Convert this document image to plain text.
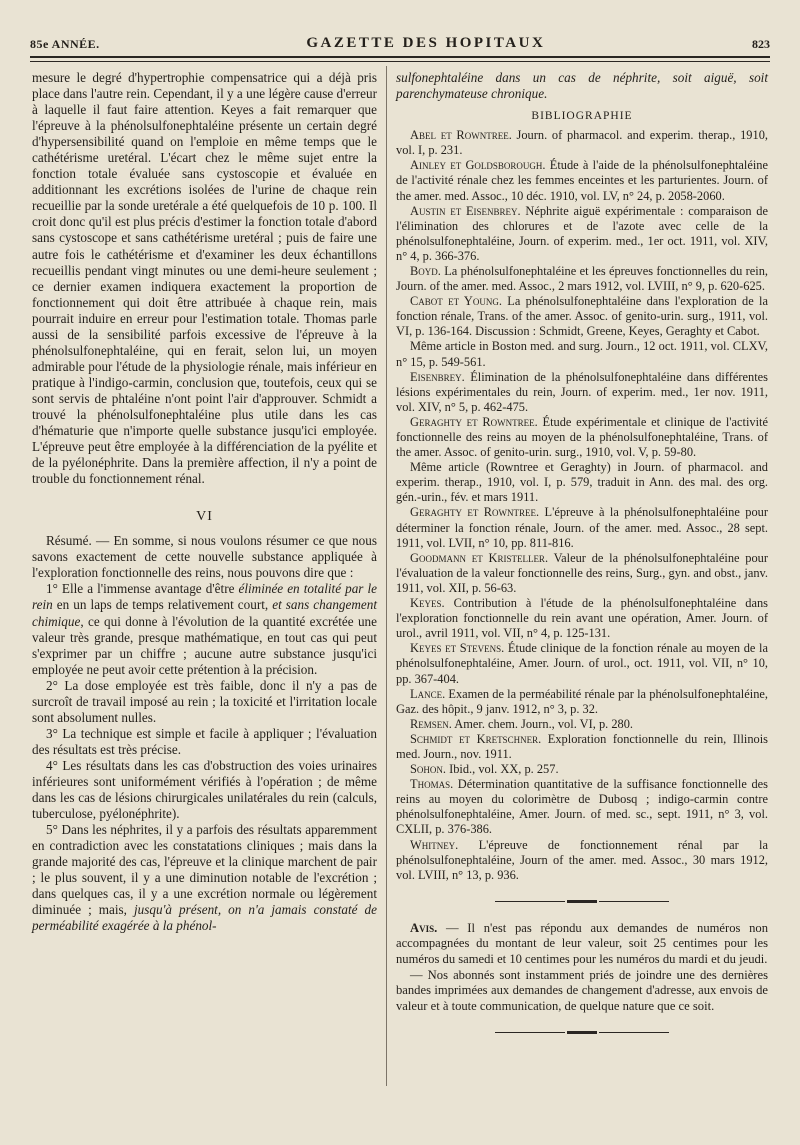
85e ANNÉE.	GAZETTE DES HOPITAUX	823

mesure le degré d'hypertrophie compensatrice qui a déjà pris place dans l'autre rein. Cependant, il y a une légère cause d'erreur à laquelle il faut faire attention. Keyes a fait remarquer que l'épreuve à la phénolsulfonephtaléine présente un certain degré d'hypersensibilité quand on l'emploie en même temps que le cathétérisme uretéral. L'écart chez le même sujet entre la fonction totale évaluée sans cystoscopie et évaluée en additionnant les excrétions isolées de l'urine de chaque rein recueillie par la sonde uretérale a été quelquefois de 10 p. 100. Il croit donc qu'il est plus précis d'estimer la fonction totale d'abord sans cystoscope et sans cathétérisme uretéral ; puis de faire une autre fois le cathétérisme et d'examiner les deux échantillons recueillis pendant vingt minutes ou une demi-heure seulement ; ce dernier examen indiquera exactement la proportion de fonctionnement qui doit être attribuée à chaque rein, mais pourrait induire en erreur pour l'estimation totale. Thomas parle aussi de la sensibilité parfois excessive de l'épreuve à la phénolsulfonephtaléine, qui en ferait, selon lui, un moyen admirable pour l'étude de la physiologie rénale, mais inférieur en pratique à l'indigo-carmin, conclusion que, toutefois, ceux qui se sont servis de phtaléine n'ont point l'air d'approuver. Schmidt a trouvé la phénolsulfonephtaléine plus utile dans les cas d'hématurie que n'importe quelle substance jusqu'ici employée. L'épreuve peut être employée à la différenciation de la pyélite et de la pyélonéphrite. Dans la première affection, il n'y a point de trouble du fonctionnement rénal.

VI

Résumé. — En somme, si nous voulons résumer ce que nous savons exactement de cette nouvelle substance appliquée à l'exploration fonctionnelle des reins, nous pouvons dire que :

1° Elle a l'immense avantage d'être éliminée en totalité par le rein en un laps de temps relativement court, et sans changement chimique, ce qui donne à l'évolution de la quantité excrétée une valeur très grande, presque mathématique, en tout cas qui peut s'exprimer par un chiffre ; aucune autre substance jusqu'ici employée ne peut avoir cette prétention à la précision.

2° La dose employée est très faible, donc il n'y a pas de surcroît de travail imposé au rein ; la toxicité et l'irritation locale sont absolument nulles.

3° La technique est simple et facile à appliquer ; l'évaluation des résultats est très précise.

4° Les résultats dans les cas d'obstruction des voies urinaires inférieures sont uniformément vérifiés à l'opération ; de même dans les cas de lésions chirurgicales unilatérales du rein (calculs, tuberculose, pyélonéphrite).

5° Dans les néphrites, il y a parfois des résultats apparemment en contradiction avec les constatations cliniques ; mais dans la grande majorité des cas, l'épreuve et la clinique marchent de pair ; le plus souvent, il y a une diminution notable de l'excrétion ; dans quelques cas, il y a une excrétion normale ou légèrement diminuée ; mais, jusqu'à présent, on n'a jamais constaté de perméabilité exagérée à la phénol-

sulfonephtaléine dans un cas de néphrite, soit aiguë, soit parenchymateuse chronique.

BIBLIOGRAPHIE

Abel et Rowntree. Journ. of pharmacol. and experim. therap., 1910, vol. I, p. 231.

Ainley et Goldsborough. Étude à l'aide de la phénolsulfonephtaléine de l'activité rénale chez les femmes enceintes et les parturientes. Journ. of the amer. med. Assoc., 10 déc. 1910, vol. LV, n° 24, p. 2058-2060.

Austin et Eisenbrey. Néphrite aiguë expérimentale : comparaison de l'élimination des chlorures et de l'azote avec celle de la phénolsulfonephtaléine, Journ. of experim. med., 1er oct. 1911, vol. XIV, n° 4, p. 366-376.

Boyd. La phénolsulfonephtaléine et les épreuves fonctionnelles du rein, Journ. of the amer. med. Assoc., 2 mars 1912, vol. LVIII, n° 9, p. 620-625.

Cabot et Young. La phénolsulfonephtaléine dans l'exploration de la fonction rénale, Trans. of the amer. Assoc. of genito-urin. surg., 1911, vol. VI, p. 136-164. Discussion : Schmidt, Greene, Keyes, Geraghty et Cabot.

Même article in Boston med. and surg. Journ., 12 oct. 1911, vol. CLXV, n° 15, p. 549-561.

Eisenbrey. Élimination de la phénolsulfonephtaléine dans différentes lésions expérimentales du rein, Journ. of experim. med., 1er nov. 1911, vol. XIV, n° 5, p. 462-475.

Geraghty et Rowntree. Étude expérimentale et clinique de l'activité fonctionnelle des reins au moyen de la phénolsulfonephtaléine, Trans. of the amer. Assoc. of genito-urin. surg., 1910, vol. V, p. 59-80.

Même article (Rowntree et Geraghty) in Journ. of pharmacol. and experim. therap., 1910, vol. I, p. 579, traduit in Ann. des mal. des org. gén.-urin., fév. et mars 1911.

Geraghty et Rowntree. L'épreuve à la phénolsulfonephtaléine pour déterminer la fonction rénale, Journ. of the amer. med. Assoc., 28 sept. 1911, vol. LVII, n° 10, pp. 811-816.

Goodmann et Kristeller. Valeur de la phénolsulfonephtaléine pour l'évaluation de la valeur fonctionnelle des reins, Surg., gyn. and obst., janv. 1911, vol. XII, p. 56-63.

Keyes. Contribution à l'étude de la phénolsulfonephtaléine dans l'exploration fonctionnelle du rein avant une opération, Amer. Journ. of urol., avril 1911, vol. VII, n° 4, p. 125-131.

Keyes et Stevens. Étude clinique de la fonction rénale au moyen de la phénolsulfonephtaléine, Amer. Journ. of urol., oct. 1911, vol. VII, n° 10, pp. 367-404.

Lance. Examen de la perméabilité rénale par la phénolsulfonephtaléine, Gaz. des hôpit., 9 janv. 1912, n° 3, p. 32.

Remsen. Amer. chem. Journ., vol. VI, p. 280.

Schmidt et Kretschner. Exploration fonctionnelle du rein, Illinois med. Journ., nov. 1911.

Sohon. Ibid., vol. XX, p. 257.

Thomas. Détermination quantitative de la suffisance fonctionnelle des reins au moyen du colorimètre de Dubosq ; indigo-carmin contre phénolsulfonephtaléine, Amer. Journ. of med. sc., sept. 1911, n° 3, vol. CXLII, p. 376-386.

Whitney. L'épreuve de fonctionnement rénal par la phénolsulfonephtaléine, Journ of the amer. med. Assoc., 30 mars 1912, vol. LVIII, n° 13, p. 936.

Avis. — Il n'est pas répondu aux demandes de numéros non accompagnées du montant de leur valeur, soit 25 centimes pour les numéros du samedi et 10 centimes pour les numéros du mardi et du jeudi.

— Nos abonnés sont instamment priés de joindre une des dernières bandes imprimées aux demandes de changement d'adresse, aux envois de valeur et à toute communication, de quelque nature que ce soit.
